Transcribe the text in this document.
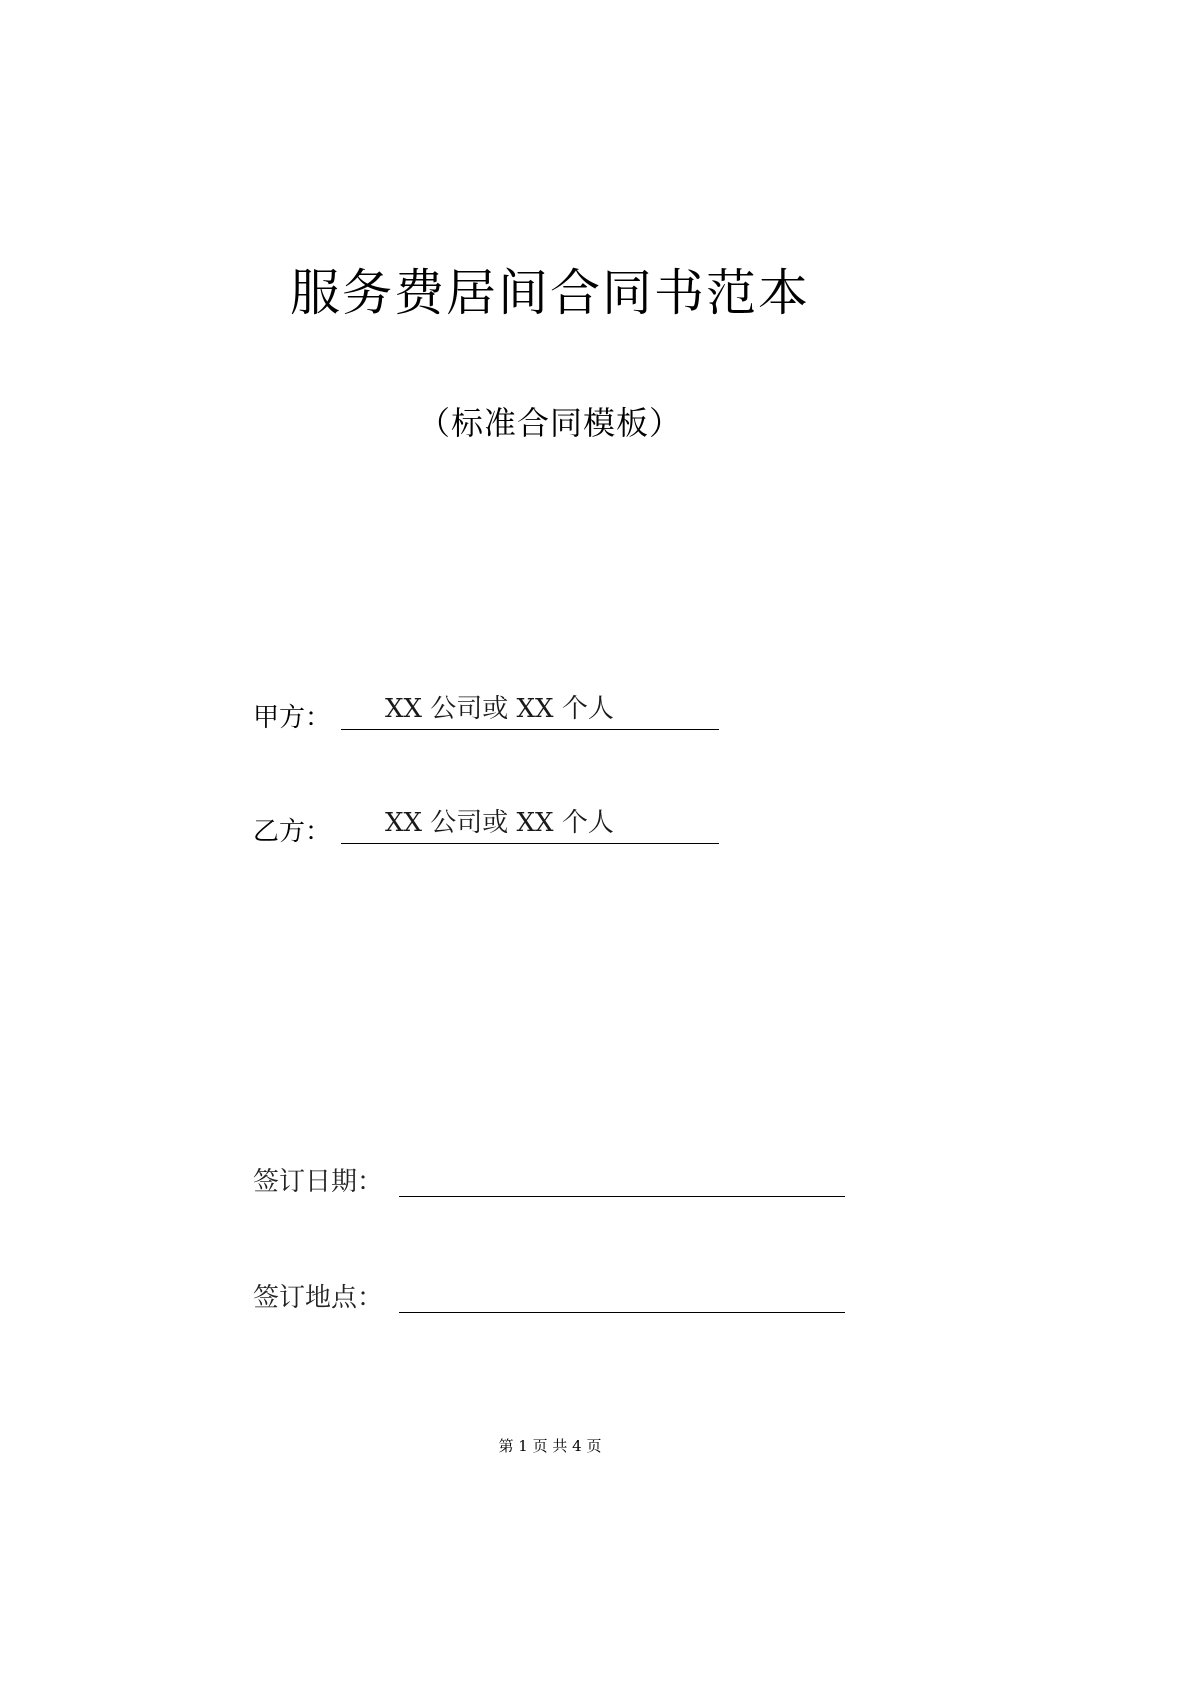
服务费居间合同书范本
（标准合同模板）
甲方：	XX 公司或 XX 个人
乙方：	XX 公司或 XX 个人
签订日期：
签订地点：
第 1 页 共 4 页
